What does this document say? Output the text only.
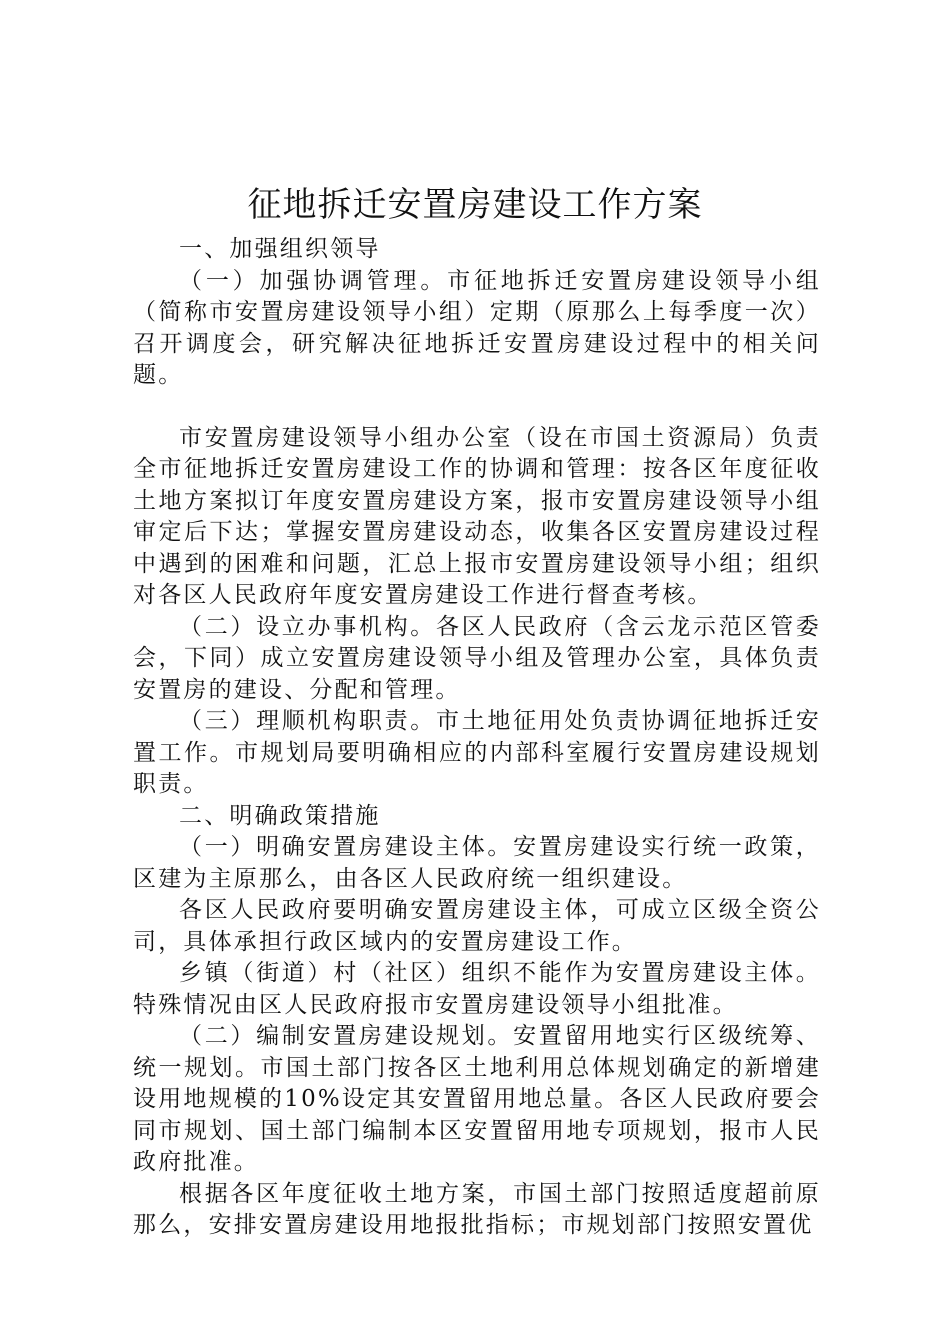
征地拆迁安置房建设工作方案

一、加强组织领导

（一）加强协调管理。市征地拆迁安置房建设领导小组（简称市安置房建设领导小组）定期（原那么上每季度一次）召开调度会，研究解决征地拆迁安置房建设过程中的相关问题。

市安置房建设领导小组办公室（设在市国土资源局）负责全市征地拆迁安置房建设工作的协调和管理：按各区年度征收土地方案拟订年度安置房建设方案，报市安置房建设领导小组审定后下达；掌握安置房建设动态，收集各区安置房建设过程中遇到的困难和问题，汇总上报市安置房建设领导小组；组织对各区人民政府年度安置房建设工作进行督查考核。

（二）设立办事机构。各区人民政府（含云龙示范区管委会，下同）成立安置房建设领导小组及管理办公室，具体负责安置房的建设、分配和管理。

（三）理顺机构职责。市土地征用处负责协调征地拆迁安置工作。市规划局要明确相应的内部科室履行安置房建设规划职责。

二、明确政策措施

（一）明确安置房建设主体。安置房建设实行统一政策，区建为主原那么，由各区人民政府统一组织建设。

各区人民政府要明确安置房建设主体，可成立区级全资公司，具体承担行政区域内的安置房建设工作。

乡镇（街道）村（社区）组织不能作为安置房建设主体。特殊情况由区人民政府报市安置房建设领导小组批准。

（二）编制安置房建设规划。安置留用地实行区级统筹、统一规划。市国土部门按各区土地利用总体规划确定的新增建设用地规模的10%设定其安置留用地总量。各区人民政府要会同市规划、国土部门编制本区安置留用地专项规划，报市人民政府批准。

根据各区年度征收土地方案，市国土部门按照适度超前原那么，安排安置房建设用地报批指标；市规划部门按照安置优
